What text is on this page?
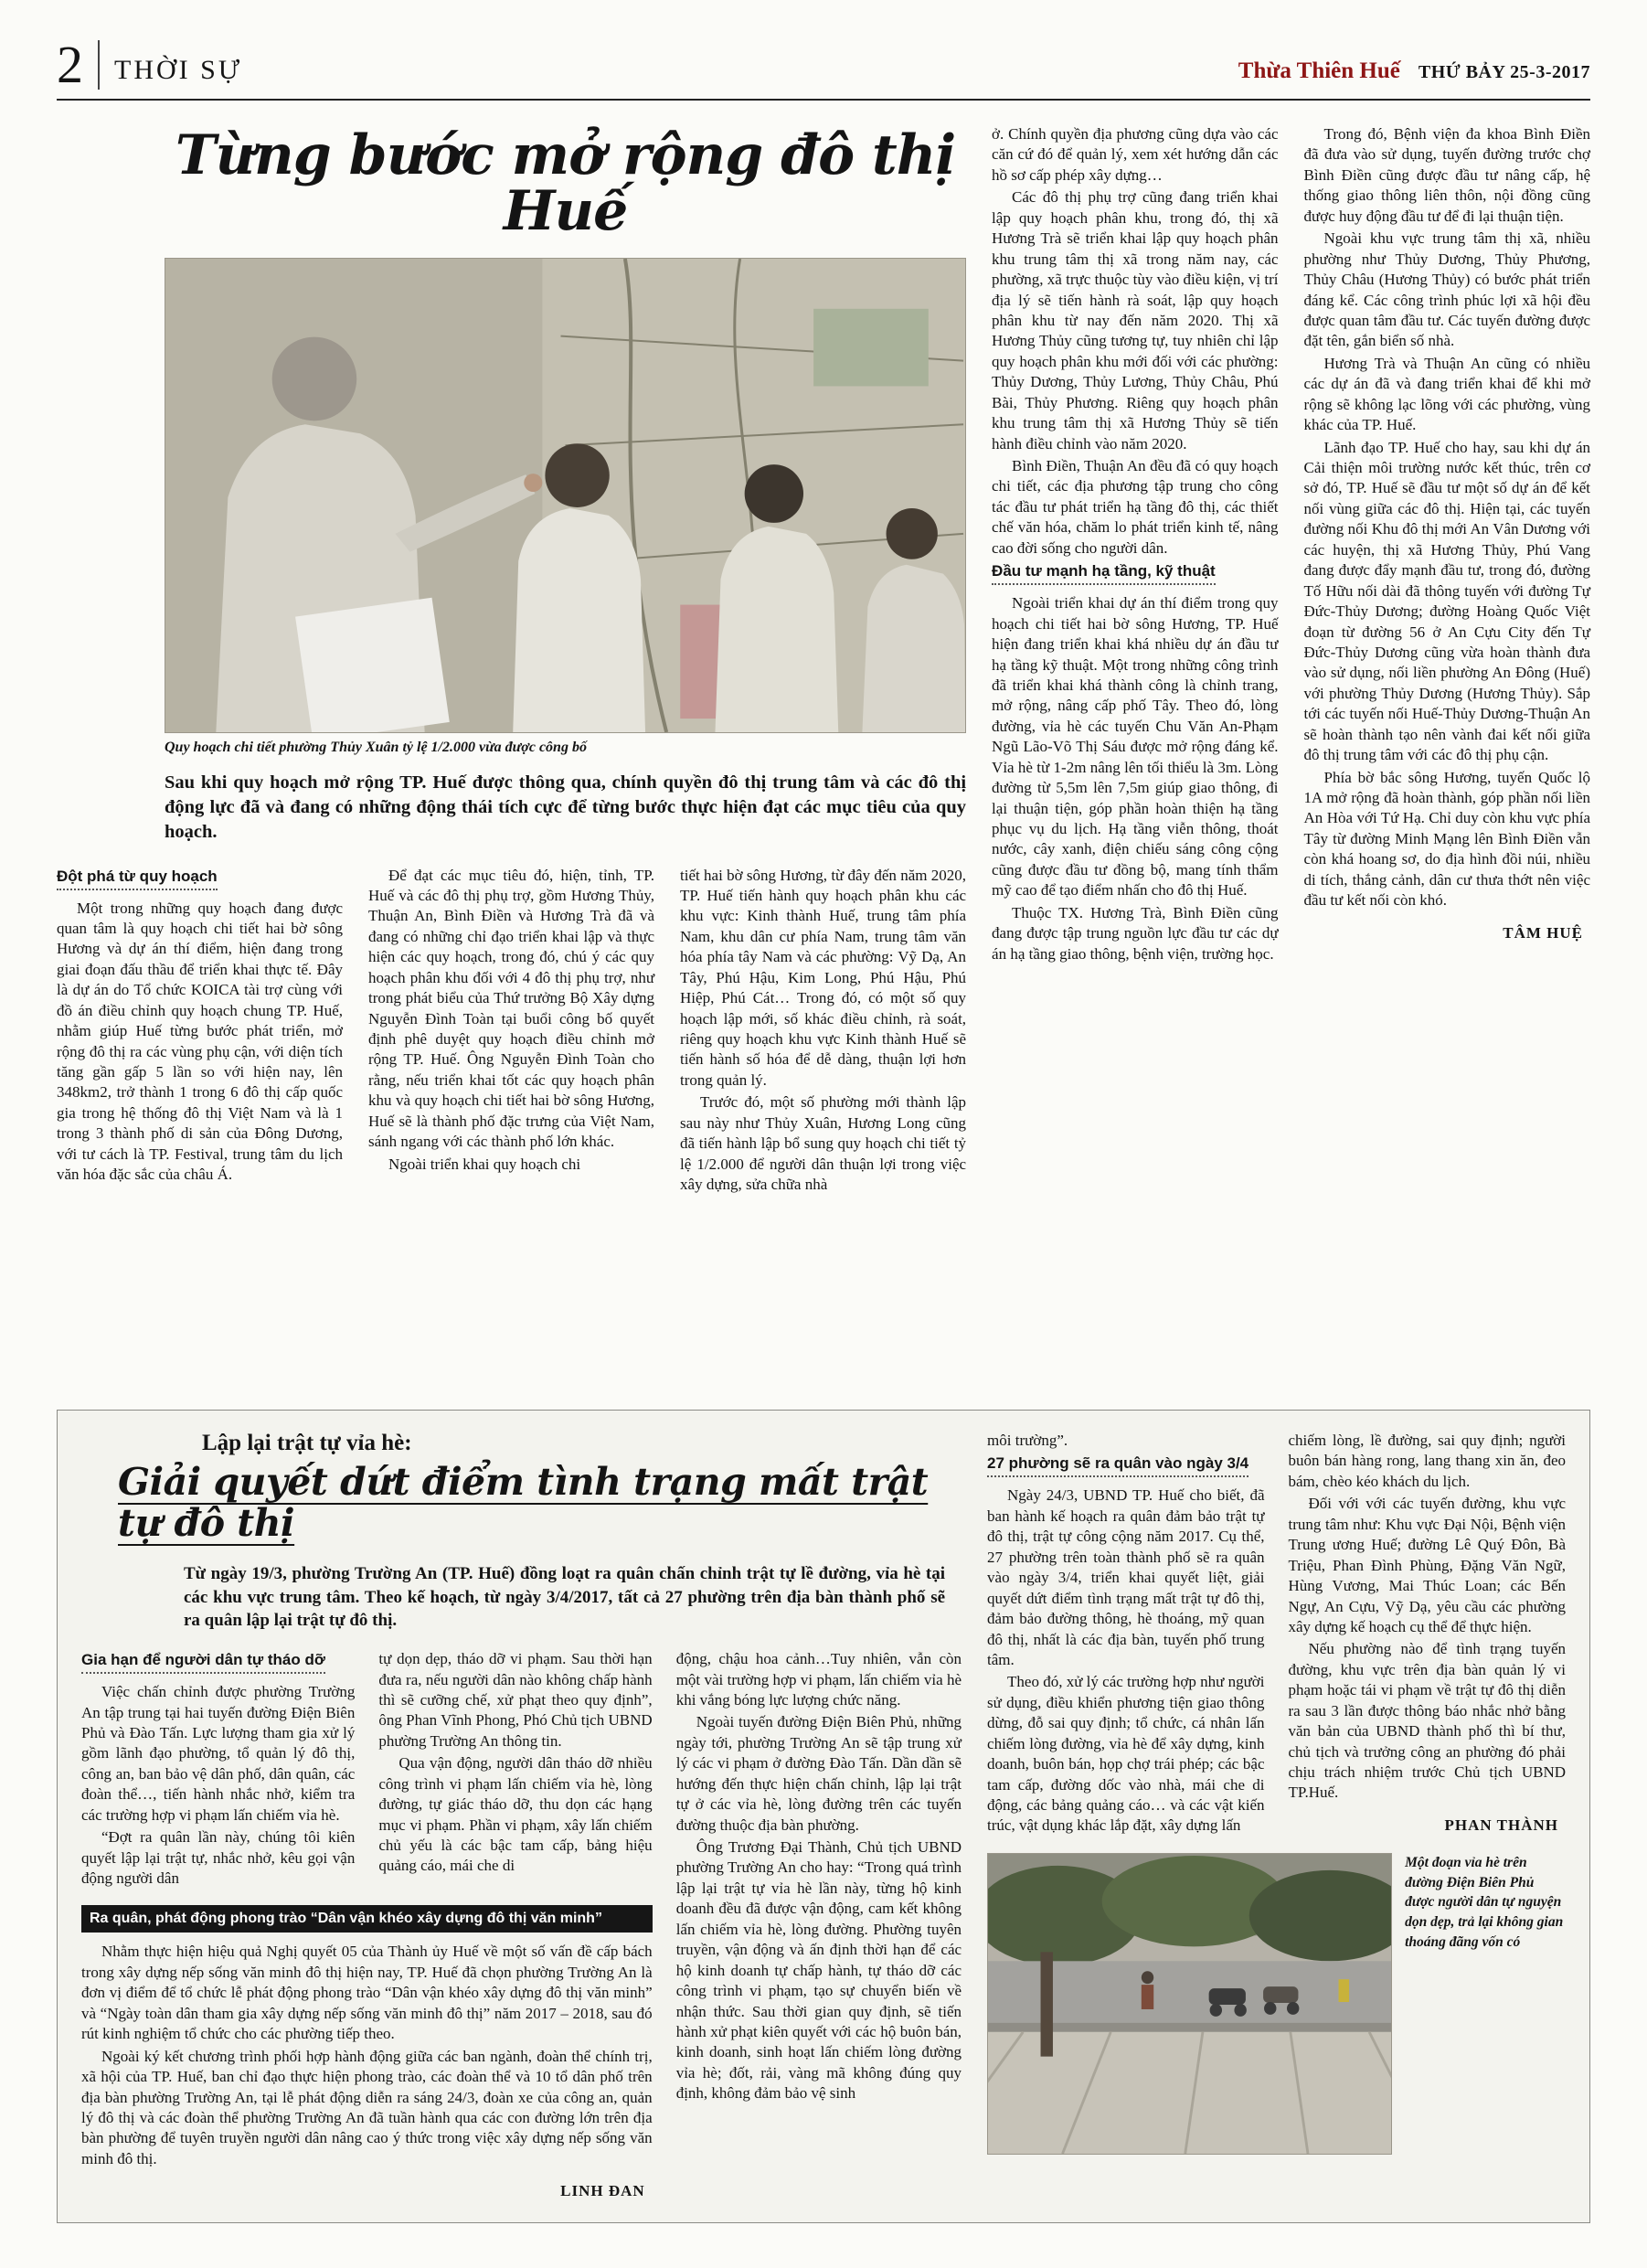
2 THỜI SỰ	Thừa Thiên Huế THỨ BẢY 25-3-2017
Từng bước mở rộng đô thị Huế
Quy hoạch chi tiết phường Thủy Xuân tỷ lệ 1/2.000 vừa được công bố

Sau khi quy hoạch mở rộng TP. Huế được thông qua, chính quyền đô thị trung tâm và các đô thị động lực đã và đang có những động thái tích cực để từng bước thực hiện đạt các mục tiêu của quy hoạch.

Đột phá từ quy hoạch

Một trong những quy hoạch đang được quan tâm là quy hoạch chi tiết hai bờ sông Hương và dự án thí điểm, hiện đang trong giai đoạn đấu thầu để triển khai thực tế. Đây là dự án do Tổ chức KOICA tài trợ cùng với đồ án điều chỉnh quy hoạch chung TP. Huế, nhằm giúp Huế từng bước phát triển, mở rộng đô thị ra các vùng phụ cận, với diện tích tăng gần gấp 5 lần so với hiện nay, lên 348km2, trở thành 1 trong 6 đô thị cấp quốc gia trong hệ thống đô thị Việt Nam và là 1 trong 3 thành phố di sản của Đông Dương, với tư cách là TP. Festival, trung tâm du lịch văn hóa đặc sắc của châu Á.

Để đạt các mục tiêu đó, hiện, tỉnh, TP. Huế và các đô thị phụ trợ, gồm Hương Thủy, Thuận An, Bình Điền và Hương Trà đã và đang có những chỉ đạo triển khai lập và thực hiện các quy hoạch, trong đó, chú ý các quy hoạch phân khu đối với 4 đô thị phụ trợ, như trong phát biểu của Thứ trưởng Bộ Xây dựng Nguyễn Đình Toàn tại buổi công bố quyết định phê duyệt quy hoạch điều chỉnh mở rộng TP. Huế. Ông Nguyễn Đình Toàn cho rằng, nếu triển khai tốt các quy hoạch phân khu và quy hoạch chi tiết hai bờ sông Hương, Huế sẽ là thành phố đặc trưng của Việt Nam, sánh ngang với các thành phố lớn khác.

Ngoài triển khai quy hoạch chi

tiết hai bờ sông Hương, từ đây đến năm 2020, TP. Huế tiến hành quy hoạch phân khu các khu vực: Kinh thành Huế, trung tâm phía Nam, khu dân cư phía Nam, trung tâm văn hóa phía tây Nam và các phường: Vỹ Dạ, An Tây, Phú Hậu, Kim Long, Phú Hậu, Phú Hiệp, Phú Cát… Trong đó, có một số quy hoạch lập mới, số khác điều chỉnh, rà soát, riêng quy hoạch khu vực Kinh thành Huế sẽ tiến hành số hóa để dễ dàng, thuận lợi hơn trong quản lý.

Trước đó, một số phường mới thành lập sau này như Thủy Xuân, Hương Long cũng đã tiến hành lập bổ sung quy hoạch chi tiết tỷ lệ 1/2.000 để người dân thuận lợi trong việc xây dựng, sửa chữa nhà

ở. Chính quyền địa phương cũng dựa vào các căn cứ đó để quản lý, xem xét hướng dẫn các hồ sơ cấp phép xây dựng…

Các đô thị phụ trợ cũng đang triển khai lập quy hoạch phân khu, trong đó, thị xã Hương Trà sẽ triển khai lập quy hoạch phân khu trung tâm thị xã trong năm nay, các phường, xã trực thuộc tùy vào điều kiện, vị trí địa lý sẽ tiến hành rà soát, lập quy hoạch phân khu từ nay đến năm 2020. Thị xã Hương Thủy cũng tương tự, tuy nhiên chỉ lập quy hoạch phân khu mới đối với các phường: Thủy Dương, Thủy Lương, Thủy Châu, Phú Bài, Thủy Phương. Riêng quy hoạch phân khu trung tâm thị xã Hương Thủy sẽ tiến hành điều chỉnh vào năm 2020.

Bình Điền, Thuận An đều đã có quy hoạch chi tiết, các địa phương tập trung cho công tác đầu tư phát triển hạ tầng đô thị, các thiết chế văn hóa, chăm lo phát triển kinh tế, nâng cao đời sống cho người dân.

Đầu tư mạnh hạ tầng, kỹ thuật

Ngoài triển khai dự án thí điểm trong quy hoạch chi tiết hai bờ sông Hương, TP. Huế hiện đang triển khai khá nhiều dự án đầu tư hạ tầng kỹ thuật. Một trong những công trình đã triển khai khá thành công là chỉnh trang, mở rộng, nâng cấp phố Tây. Theo đó, lòng đường, vỉa hè các tuyến Chu Văn An-Phạm Ngũ Lão-Võ Thị Sáu được mở rộng đáng kể. Vỉa hè từ 1-2m nâng lên tối thiểu là 3m. Lòng đường từ 5,5m lên 7,5m giúp giao thông, đi lại thuận tiện, góp phần hoàn thiện hạ tầng phục vụ du lịch. Hạ tầng viễn thông, thoát nước, cây xanh, điện chiếu sáng công cộng cũng được đầu tư đồng bộ, mang tính thẩm mỹ cao để tạo điểm nhấn cho đô thị Huế.

Thuộc TX. Hương Trà, Bình Điền cũng đang được tập trung nguồn lực đầu tư các dự án hạ tầng giao thông, bệnh viện, trường học.

Trong đó, Bệnh viện đa khoa Bình Điền đã đưa vào sử dụng, tuyến đường trước chợ Bình Điền cũng được đầu tư nâng cấp, hệ thống giao thông liên thôn, nội đồng cũng được huy động đầu tư để đi lại thuận tiện.

Ngoài khu vực trung tâm thị xã, nhiều phường như Thủy Dương, Thủy Phương, Thủy Châu (Hương Thủy) có bước phát triển đáng kể. Các công trình phúc lợi xã hội đều được quan tâm đầu tư. Các tuyến đường được đặt tên, gắn biển số nhà.

Hương Trà và Thuận An cũng có nhiều các dự án đã và đang triển khai để khi mở rộng sẽ không lạc lõng với các phường, vùng khác của TP. Huế.

Lãnh đạo TP. Huế cho hay, sau khi dự án Cải thiện môi trường nước kết thúc, trên cơ sở đó, TP. Huế sẽ đầu tư một số dự án để kết nối vùng giữa các đô thị. Hiện tại, các tuyến đường nối Khu đô thị mới An Vân Dương với các huyện, thị xã Hương Thủy, Phú Vang đang được đẩy mạnh đầu tư, trong đó, đường Tố Hữu nối dài đã thông tuyến với đường Tự Đức-Thủy Dương; đường Hoàng Quốc Việt đoạn từ đường 56 ở An Cựu City đến Tự Đức-Thủy Dương cũng vừa hoàn thành đưa vào sử dụng, nối liền phường An Đông (Huế) với phường Thủy Dương (Hương Thủy). Sắp tới các tuyến nối Huế-Thủy Dương-Thuận An sẽ hoàn thành tạo nên vành đai kết nối giữa đô thị trung tâm với các đô thị phụ cận.

Phía bờ bắc sông Hương, tuyến Quốc lộ 1A mở rộng đã hoàn thành, góp phần nối liền An Hòa với Tứ Hạ. Chỉ duy còn khu vực phía Tây từ đường Minh Mạng lên Bình Điền vẫn còn khá hoang sơ, do địa hình đồi núi, nhiều di tích, thắng cảnh, dân cư thưa thớt nên việc đầu tư kết nối còn khó.

TÂM HUỆ
Lập lại trật tự vỉa hè:
Giải quyết dứt điểm tình trạng mất trật tự đô thị

Từ ngày 19/3, phường Trường An (TP. Huế) đồng loạt ra quân chấn chỉnh trật tự lề đường, vỉa hè tại các khu vực trung tâm. Theo kế hoạch, từ ngày 3/4/2017, tất cả 27 phường trên địa bàn thành phố sẽ ra quân lập lại trật tự đô thị.

Gia hạn để người dân tự tháo dỡ

Việc chấn chỉnh được phường Trường An tập trung tại hai tuyến đường Điện Biên Phủ và Đào Tấn. Lực lượng tham gia xử lý gồm lãnh đạo phường, tổ quản lý đô thị, công an, ban bảo vệ dân phố, dân quân, các đoàn thể…, tiến hành nhắc nhở, kiểm tra các trường hợp vi phạm lấn chiếm vỉa hè.

“Đợt ra quân lần này, chúng tôi kiên quyết lập lại trật tự, nhắc nhở, kêu gọi vận động người dân

tự dọn dẹp, tháo dỡ vi phạm. Sau thời hạn đưa ra, nếu người dân nào không chấp hành thì sẽ cưỡng chế, xử phạt theo quy định”, ông Phan Vĩnh Phong, Phó Chủ tịch UBND phường Trường An thông tin.

Qua vận động, người dân tháo dỡ nhiều công trình vi phạm lấn chiếm vỉa hè, lòng đường, tự giác tháo dỡ, thu dọn các hạng mục vi phạm. Phần vi phạm, xây lấn chiếm chủ yếu là các bậc tam cấp, bảng hiệu quảng cáo, mái che di

Ra quân, phát động phong trào “Dân vận khéo xây dựng đô thị văn minh”

Nhằm thực hiện hiệu quả Nghị quyết 05 của Thành ủy Huế về một số vấn đề cấp bách trong xây dựng nếp sống văn minh đô thị hiện nay, TP. Huế đã chọn phường Trường An là đơn vị điểm để tổ chức lễ phát động phong trào “Dân vận khéo xây dựng đô thị văn minh” và “Ngày toàn dân tham gia xây dựng nếp sống văn minh đô thị” năm 2017 – 2018, sau đó rút kinh nghiệm tổ chức cho các phường tiếp theo.

Ngoài ký kết chương trình phối hợp hành động giữa các ban ngành, đoàn thể chính trị, xã hội của TP. Huế, ban chỉ đạo thực hiện phong trào, các đoàn thể và 10 tổ dân phố trên địa bàn phường Trường An, tại lễ phát động diễn ra sáng 24/3, đoàn xe của công an, quản lý đô thị và các đoàn thể phường Trường An đã tuần hành qua các con đường lớn trên địa bàn phường để tuyên truyền người dân nâng cao ý thức trong việc xây dựng nếp sống văn minh đô thị.

LINH ĐAN

động, chậu hoa cảnh…Tuy nhiên, vẫn còn một vài trường hợp vi phạm, lấn chiếm vỉa hè khi vắng bóng lực lượng chức năng.

Ngoài tuyến đường Điện Biên Phủ, những ngày tới, phường Trường An sẽ tập trung xử lý các vi phạm ở đường Đào Tấn. Dần dần sẽ hướng đến thực hiện chấn chỉnh, lập lại trật tự ở các vỉa hè, lòng đường trên các tuyến đường thuộc địa bàn phường.

Ông Trương Đại Thành, Chủ tịch UBND phường Trường An cho hay: “Trong quá trình lập lại trật tự vỉa hè lần này, từng hộ kinh doanh đều đã được vận động, cam kết không lấn chiếm vỉa hè, lòng đường. Phường tuyên truyền, vận động và ấn định thời hạn để các hộ kinh doanh tự chấp hành, tự tháo dỡ các công trình vi phạm, tạo sự chuyển biến về nhận thức. Sau thời gian quy định, sẽ tiến hành xử phạt kiên quyết với các hộ buôn bán, kinh doanh, sinh hoạt lấn chiếm lòng đường vỉa hè; đốt, rải, vàng mã không đúng quy định, không đảm bảo vệ sinh

môi trường”.

27 phường sẽ ra quân vào ngày 3/4

Ngày 24/3, UBND TP. Huế cho biết, đã ban hành kế hoạch ra quân đảm bảo trật tự đô thị, trật tự công cộng năm 2017. Cụ thể, 27 phường trên toàn thành phố sẽ ra quân vào ngày 3/4, triển khai quyết liệt, giải quyết dứt điểm tình trạng mất trật tự đô thị, đảm bảo đường thông, hè thoáng, mỹ quan đô thị, nhất là các địa bàn, tuyến phố trung tâm.

Theo đó, xử lý các trường hợp như người sử dụng, điều khiển phương tiện giao thông dừng, đỗ sai quy định; tổ chức, cá nhân lấn chiếm lòng đường, vỉa hè để xây dựng, kinh doanh, buôn bán, họp chợ trái phép; các bậc tam cấp, đường dốc vào nhà, mái che di động, các bảng quảng cáo… và các vật kiến trúc, vật dụng khác lắp đặt, xây dựng lấn

chiếm lòng, lề đường, sai quy định; người buôn bán hàng rong, lang thang xin ăn, đeo bám, chèo kéo khách du lịch.

Đối với với các tuyến đường, khu vực trung tâm như: Khu vực Đại Nội, Bệnh viện Trung ương Huế; đường Lê Quý Đôn, Bà Triệu, Phan Đình Phùng, Đặng Văn Ngữ, Hùng Vương, Mai Thúc Loan; các Bến Ngự, An Cựu, Vỹ Dạ, yêu cầu các phường xây dựng kế hoạch cụ thể để thực hiện.

Nếu phường nào để tình trạng tuyến đường, khu vực trên địa bàn quản lý vi phạm hoặc tái vi phạm về trật tự đô thị diễn ra sau 3 lần được thông báo nhắc nhở bằng văn bản của UBND thành phố thì bí thư, chủ tịch và trưởng công an phường đó phải chịu trách nhiệm trước Chủ tịch UBND TP.Huế.

PHAN THÀNH
Một đoạn vỉa hè trên đường Điện Biên Phủ được người dân tự nguyện dọn dẹp, trả lại không gian thoáng đãng vốn có
